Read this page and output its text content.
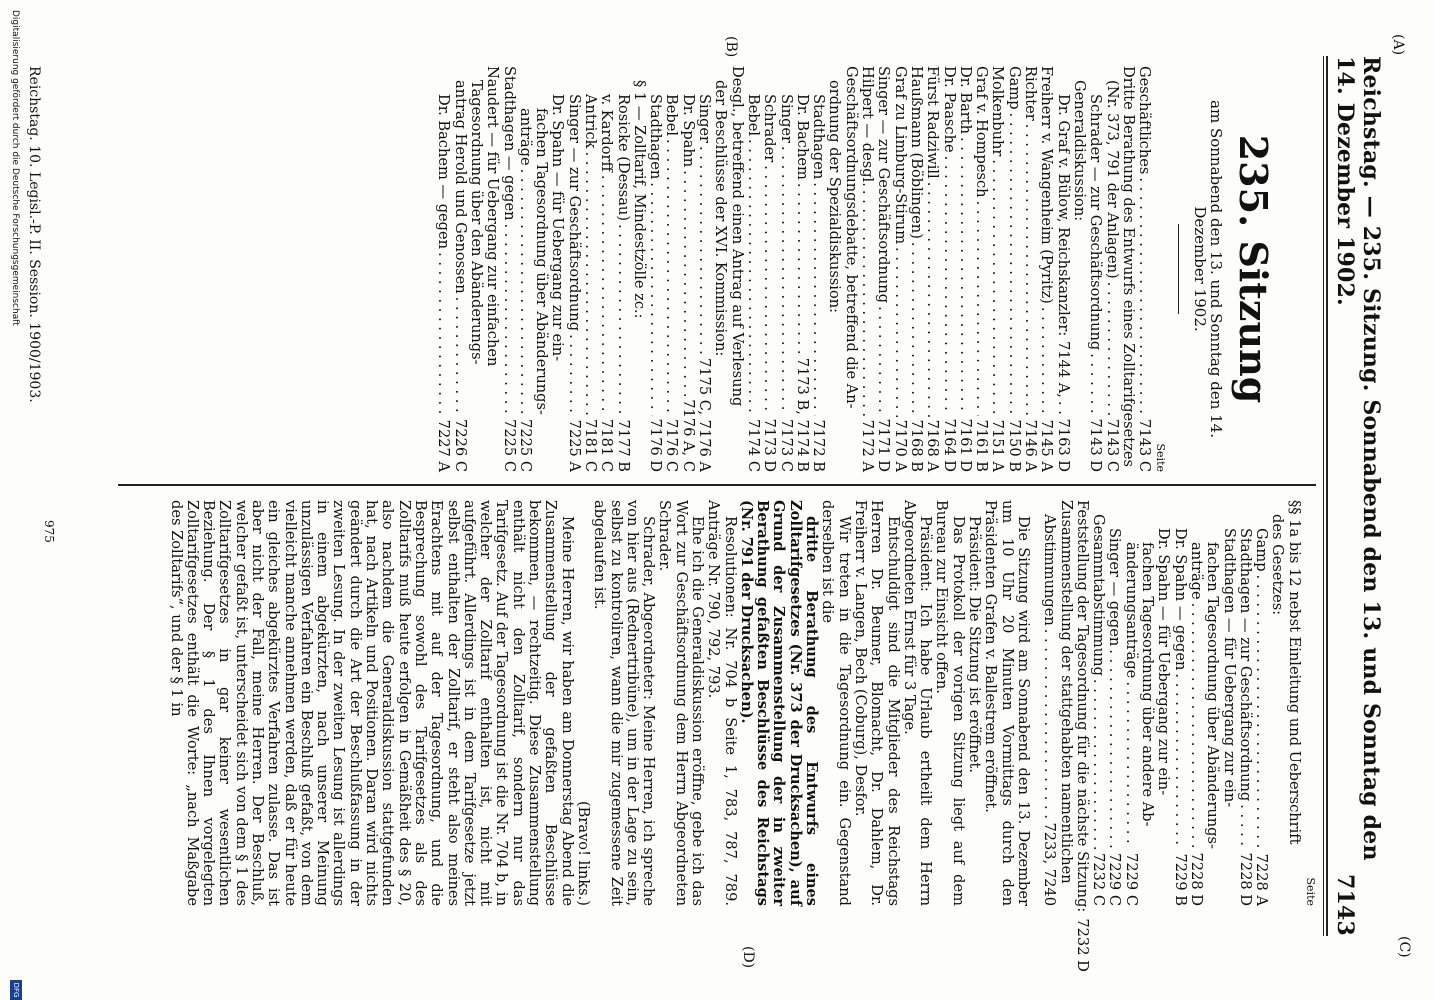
Reichstag. — 235. Sitzung. Sonnabend den 13. und Sonntag den 14. Dezember 1902.
7143
(A)
(C)
(B)
(D)
235. Sitzung
am Sonnabend den 13. und Sonntag den 14. Dezember 1902.
Seite
Geschäftliches
. . .
7143 C
Dritte Berathung des Entwurfs eines Zolltarifgesetzes
(Nr. 373, 791 der Anlagen)
. . .
7143 C
Schrader — zur Geschäftsordnung
. . .
7143 D
Generaldiskussion:
Dr. Graf v. Bülow, Reichskanzler: 7144 A,
. . .
7163 D
Freiherr v. Wangenheim (Pyritz)
. . .
7145 A
Richter
. . .
7146 A
Gamp
. . .
7150 B
Molkenbuhr
. . .
7151 A
Graf v. Hompesch
. . .
7161 B
Dr. Barth
. . .
7161 D
Dr. Paasche
. . .
7164 D
Fürst Radziwill
. . .
7168 A
Haußmann (Böblingen)
. . .
7168 B
Graf zu Limburg-Stirum
. . .
7170 A
Singer — zur Geschäftsordnung
. . .
7171 D
Hilpert — desgl.
. . .
7172 A
Geschäftsordnungsdebatte, betreffend die An-
ordnung der Spezialdiskussion:
Stadthagen
. . .
7172 B
Dr. Bachem
. . .
7173 B, 7174 B
Singer
. . .
7173 C
Schrader
. . .
7173 D
Bebel
. . .
7174 C
Desgl., betreffend einen Antrag auf Verlesung
der Beschlüsse der XVI. Kommission:
Singer
. . .
7175 C, 7176 A
Dr. Spahn
. . .
7176 A, C
Bebel
. . .
7176 C
Stadthagen
. . .
7176 D
§ 1 — Zolltarif, Mindestzölle zc.:
Rosicke (Dessau)
. . .
7177 B
v. Kardorff
. . .
7181 C
Antrick
. . .
7181 C
Singer — zur Geschäftsordnung
. . .
7225 A
Dr. Spahn — für Uebergang zur ein-
fachen Tagesordnung über Abänderungs-
anträge
. . .
7225 C
Stadthagen — gegen
. . .
7225 C
Naudert — für Uebergang zur einfachen
Tagesordnung über den Abänderungs-
antrag Herold und Genossen
. . .
7226 C
Dr. Bachem — gegen
. . .
7227 A
Seite
§§ 1a bis 12 nebst Einleitung und Ueberschrift
des Gesetzes:
Gamp
. . .
7228 A
Stadthagen — zur Geschäftsordnung
. . .
7228 D
Stadthagen — für Uebergang zur ein-
fachen Tagesordnung über Abänderungs-
anträge
. . .
7228 D
Dr. Spahn — gegen
. . .
7229 B
Dr. Spahn — für Uebergang zur ein-
fachen Tagesordnung über andere Ab-
änderungsanträge
. . .
7229 C
Singer — gegen
. . .
7229 C
Gesammtabstimmung
. . .
7232 C
Feststellung der Tagesordnung für die nächste Sitzung:
7232 D
Zusammenstellung der stattgehabten namentlichen
Abstimmungen
. . .
7233, 7240

Die Sitzung wird am Sonnabend den 13. Dezember um 10 Uhr 20 Minuten Vormittags durch den Präsidenten Grafen v. Ballestrem eröffnet.

Präsident: Die Sitzung ist eröffnet.

Das Protokoll der vorigen Sitzung liegt auf dem Bureau zur Einsicht offen.

Präsident: Ich habe Urlaub ertheilt dem Herrn Abgeordneten Ernst für 3 Tage.

Entschuldigt sind die Mitglieder des Reichstags Herren Dr. Beumer, Blomacht, Dr. Dahlem, Dr. Freiherr v. Langen, Bech (Coburg), Desfor.

Wir treten in die Tagesordnung ein. Gegenstand derselben ist die

dritte Berathung des Entwurfs eines Zolltarifgesetzes (Nr. 373 der Drucksachen), auf Grund der Zusammenstellung der in zweiter Berathung gefaßten Beschlüsse des Reichstags (Nr. 791 der Drucksachen).

Resolutionen: Nr. 704 b Seite 1, 783, 787, 789. Anträge Nr. 790, 792, 793.

Ehe ich die Generaldiskussion eröffne, gebe ich das Wort zur Geschäftsordnung dem Herrn Abgeordneten Schrader.

Schrader, Abgeordneter: Meine Herren, ich spreche von hier aus (Rednertribüne), um in der Lage zu sein, selbst zu kontroliren, wann die mir zugemessene Zeit abgelaufen ist.

(Bravo! links.)

Meine Herren, wir haben am Donnerstag Abend die Zusammenstellung der gefaßten Beschlüsse bekommen, — rechtzeitig. Diese Zusammenstellung enthält nicht den Zolltarif, sondern nur das Tarifgesetz. Auf der Tagesordnung ist die Nr. 704 b, in welcher der Zolltarif enthalten ist, nicht mit aufgeführt. Allerdings ist in dem Tarifgesetze jetzt selbst enthalten der Zolltarif, er steht also meines Erachtens mit auf der Tagesordnung, und die Besprechung sowohl des Tarifgesetzes als des Zolltarifs muß heute erfolgen in Gemäßheit des § 20, also nachdem die Generaldiskussion stattgefunden hat, nach Artikeln und Positionen. Daran wird nichts geändert durch die Art der Beschlußfassung in der zweiten Lesung. In der zweiten Lesung ist allerdings in einem abgekürzten, nach unserer Meinung unzulässigen Verfahren ein Beschluß gefaßt, von dem vielleicht manche annehmen werden, daß er für heute ein gleiches abgekürztes Verfahren zulasse. Das ist aber nicht der Fall, meine Herren. Der Beschluß, welcher gefaßt ist, unterscheidet sich von dem § 1 des Zolltarifgesetzes in gar keiner wesentlichen Beziehung. Der § 1 des Ihnen vorgelegten Zolltarifgesetzes enthält die Worte: „nach Maßgabe des Zolltarifs“, und der § 1 in

975
Reichstag. 10. Legisl.-P. II. Session. 1900/1903.
Digitalisierung gefördert durch die Deutsche Forschungsgemeinschaft
DFG
